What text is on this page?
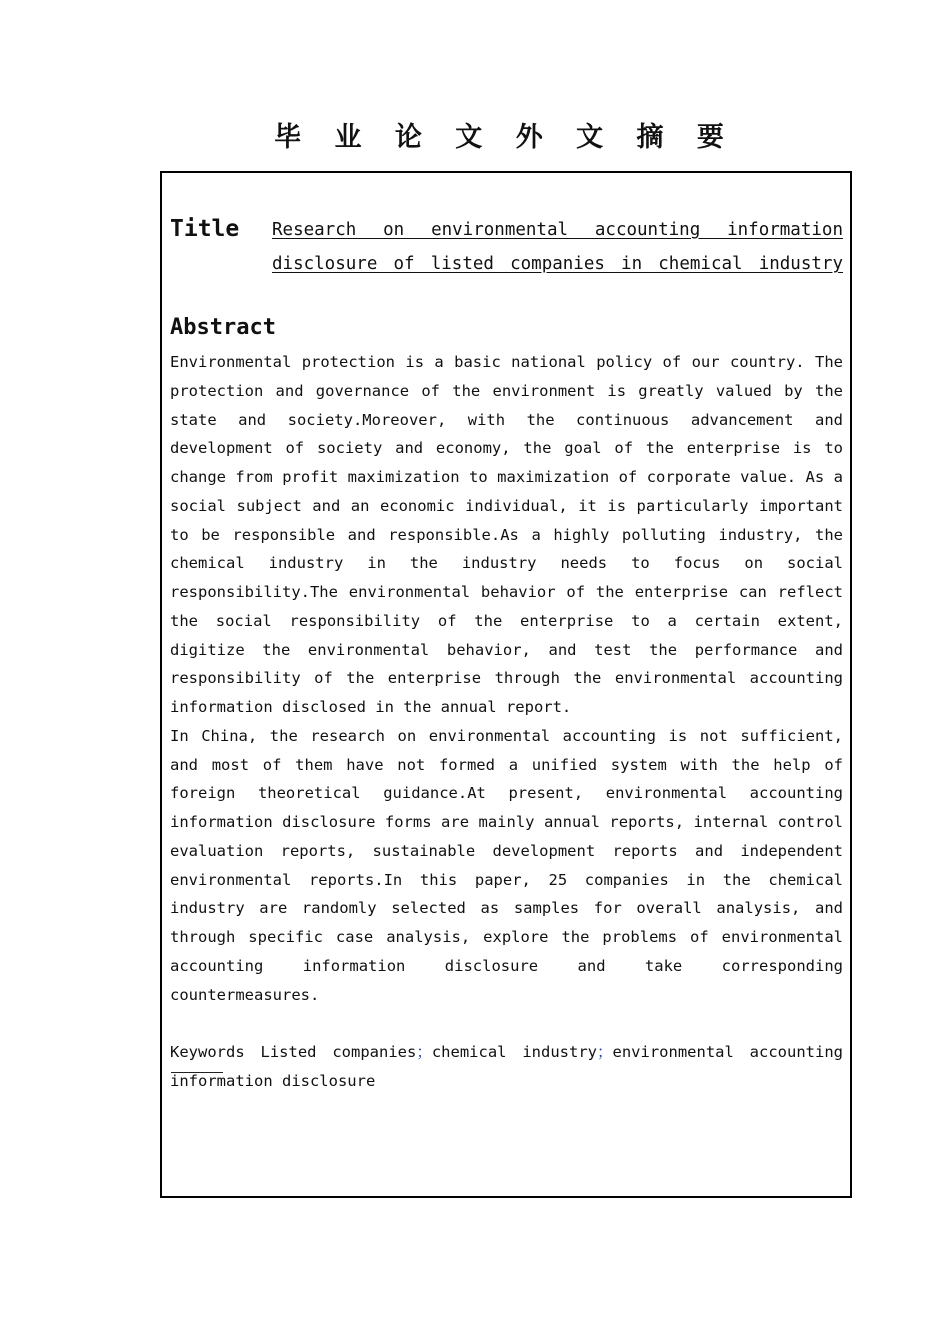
毕 业 论 文 外 文 摘 要
Title Research on environmental accounting information
disclosure of listed companies in chemical industry
Abstract

Environmental protection is a basic national policy of our country. The protection and governance of the environment is greatly valued by the state and society.Moreover, with the continuous advancement and development of society and economy, the goal of the enterprise is to change from profit maximization to maximization of corporate value. As a social subject and an economic individual, it is particularly important to be responsible and responsible.As a highly polluting industry, the chemical industry in the industry needs to focus on social responsibility.The environmental behavior of the enterprise can reflect the social responsibility of the enterprise to a certain extent, digitize the environmental behavior, and test the performance and responsibility of the enterprise through the environmental accounting information disclosed in the annual report.

In China, the research on environmental accounting is not sufficient, and most of them have not formed a unified system with the help of foreign theoretical guidance.At present, environmental accounting information disclosure forms are mainly annual reports, internal control evaluation reports, sustainable development reports and independent environmental reports.In this paper, 25 companies in the chemical industry are randomly selected as samples for overall analysis, and through specific case analysis, explore the problems of environmental accounting information disclosure and take corresponding countermeasures.

Keywords Listed companies；chemical industry；environmental accounting information disclosure
